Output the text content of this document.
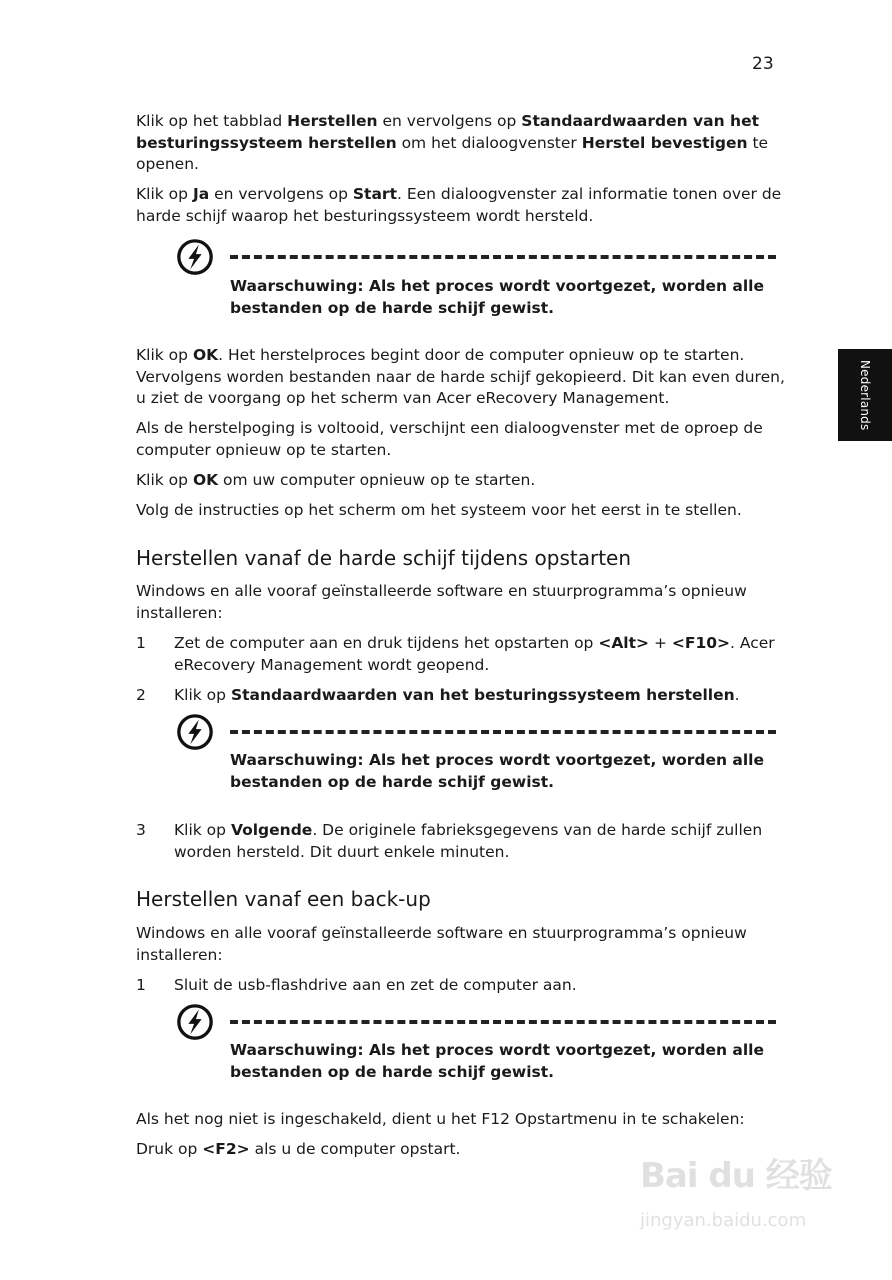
23
Nederlands

Klik op het tabblad Herstellen en vervolgens op Standaardwaarden van het besturingssysteem herstellen om het dialoogvenster Herstel bevestigen te openen.

Klik op Ja en vervolgens op Start. Een dialoogvenster zal informatie tonen over de harde schijf waarop het besturingssysteem wordt hersteld.

Waarschuwing: Als het proces wordt voortgezet, worden alle bestanden op de harde schijf gewist.

Klik op OK. Het herstelproces begint door de computer opnieuw op te starten. Vervolgens worden bestanden naar de harde schijf gekopieerd. Dit kan even duren, u ziet de voorgang op het scherm van Acer eRecovery Management.

Als de herstelpoging is voltooid, verschijnt een dialoogvenster met de oproep de computer opnieuw op te starten.

Klik op OK om uw computer opnieuw op te starten.

Volg de instructies op het scherm om het systeem voor het eerst in te stellen.

Herstellen vanaf de harde schijf tijdens opstarten

Windows en alle vooraf geïnstalleerde software en stuurprogramma’s opnieuw installeren:

1 Zet de computer aan en druk tijdens het opstarten op <Alt> + <F10>. Acer eRecovery Management wordt geopend.

2 Klik op Standaardwaarden van het besturingssysteem herstellen.

Waarschuwing: Als het proces wordt voortgezet, worden alle bestanden op de harde schijf gewist.

3 Klik op Volgende. De originele fabrieksgegevens van de harde schijf zullen worden hersteld. Dit duurt enkele minuten.

Herstellen vanaf een back-up

Windows en alle vooraf geïnstalleerde software en stuurprogramma’s opnieuw installeren:

1 Sluit de usb-flashdrive aan en zet de computer aan.

Waarschuwing: Als het proces wordt voortgezet, worden alle bestanden op de harde schijf gewist.

Als het nog niet is ingeschakeld, dient u het F12 Opstartmenu in te schakelen:

Druk op <F2> als u de computer opstart.

Bai du 经验
jingyan.baidu.com
